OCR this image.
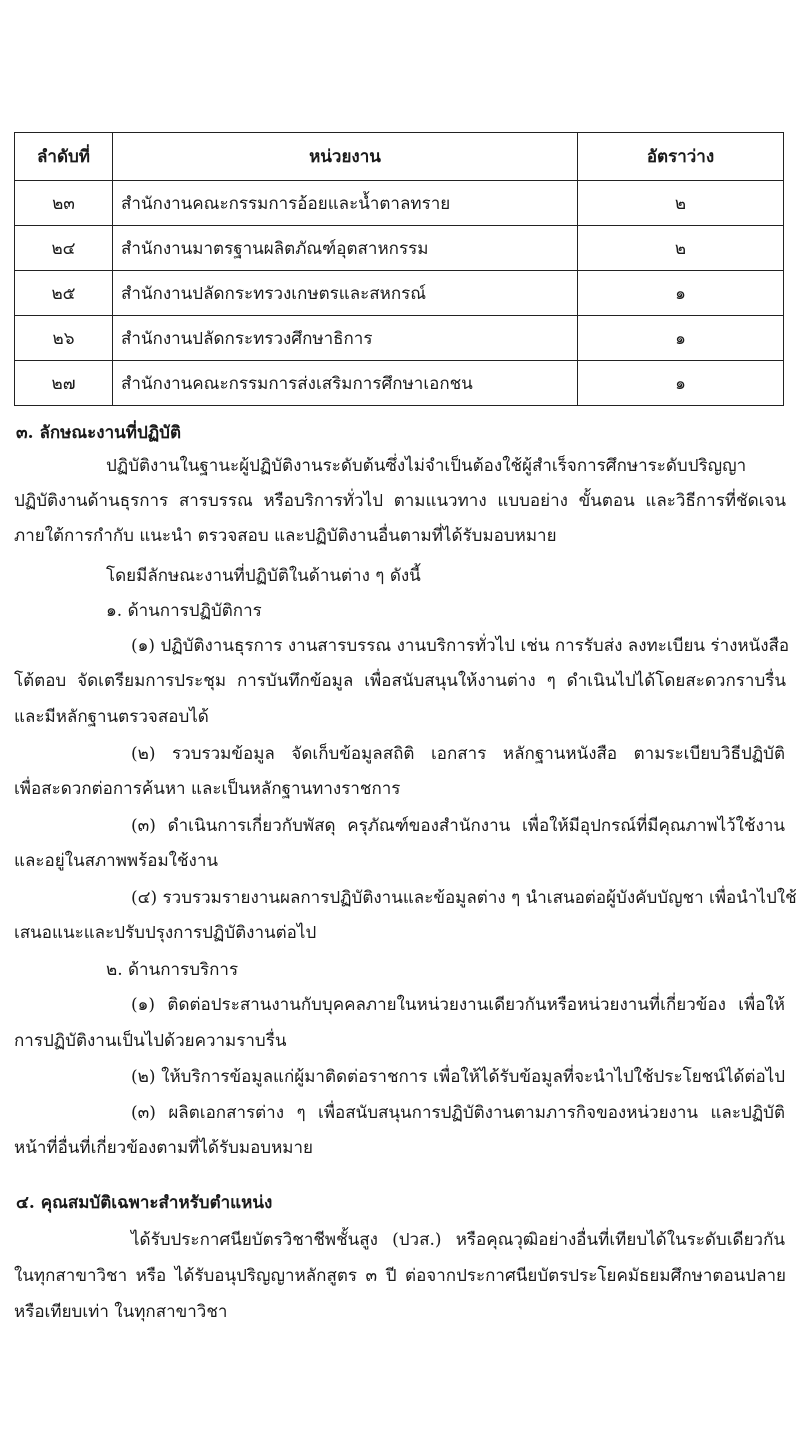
ลำดับที่	หน่วยงาน	อัตราว่าง
๒๓	สำนักงานคณะกรรมการอ้อยและน้ำตาลทราย	๒
๒๔	สำนักงานมาตรฐานผลิตภัณฑ์อุตสาหกรรม	๒
๒๕	สำนักงานปลัดกระทรวงเกษตรและสหกรณ์	๑
๒๖	สำนักงานปลัดกระทรวงศึกษาธิการ	๑
๒๗	สำนักงานคณะกรรมการส่งเสริมการศึกษาเอกชน	๑
๓. ลักษณะงานที่ปฏิบัติ
ปฏิบัติงานในฐานะผู้ปฏิบัติงานระดับต้นซึ่งไม่จำเป็นต้องใช้ผู้สำเร็จการศึกษาระดับปริญญา
ปฏิบัติงานด้านธุรการ สารบรรณ หรือบริการทั่วไป ตามแนวทาง แบบอย่าง ขั้นตอน และวิธีการที่ชัดเจน
ภายใต้การกำกับ แนะนำ ตรวจสอบ และปฏิบัติงานอื่นตามที่ได้รับมอบหมาย
โดยมีลักษณะงานที่ปฏิบัติในด้านต่าง ๆ ดังนี้
๑. ด้านการปฏิบัติการ
(๑) ปฏิบัติงานธุรการ งานสารบรรณ งานบริการทั่วไป เช่น การรับส่ง ลงทะเบียน ร่างหนังสือ
โต้ตอบ จัดเตรียมการประชุม การบันทึกข้อมูล เพื่อสนับสนุนให้งานต่าง ๆ ดำเนินไปได้โดยสะดวกราบรื่น
และมีหลักฐานตรวจสอบได้
(๒) รวบรวมข้อมูล จัดเก็บข้อมูลสถิติ เอกสาร หลักฐานหนังสือ ตามระเบียบวิธีปฏิบัติ
เพื่อสะดวกต่อการค้นหา และเป็นหลักฐานทางราชการ
(๓) ดำเนินการเกี่ยวกับพัสดุ ครุภัณฑ์ของสำนักงาน เพื่อให้มีอุปกรณ์ที่มีคุณภาพไว้ใช้งาน
และอยู่ในสภาพพร้อมใช้งาน
(๔) รวบรวมรายงานผลการปฏิบัติงานและข้อมูลต่าง ๆ นำเสนอต่อผู้บังคับบัญชา เพื่อนำไปใช้
เสนอแนะและปรับปรุงการปฏิบัติงานต่อไป
๒. ด้านการบริการ
(๑) ติดต่อประสานงานกับบุคคลภายในหน่วยงานเดียวกันหรือหน่วยงานที่เกี่ยวข้อง เพื่อให้
การปฏิบัติงานเป็นไปด้วยความราบรื่น
(๒) ให้บริการข้อมูลแก่ผู้มาติดต่อราชการ เพื่อให้ได้รับข้อมูลที่จะนำไปใช้ประโยชน์ได้ต่อไป
(๓) ผลิตเอกสารต่าง ๆ เพื่อสนับสนุนการปฏิบัติงานตามภารกิจของหน่วยงาน และปฏิบัติ
หน้าที่อื่นที่เกี่ยวข้องตามที่ได้รับมอบหมาย
๔. คุณสมบัติเฉพาะสำหรับตำแหน่ง
ได้รับประกาศนียบัตรวิชาชีพชั้นสูง (ปวส.) หรือคุณวุฒิอย่างอื่นที่เทียบได้ในระดับเดียวกัน
ในทุกสาขาวิชา หรือ ได้รับอนุปริญญาหลักสูตร ๓ ปี ต่อจากประกาศนียบัตรประโยคมัธยมศึกษาตอนปลาย
หรือเทียบเท่า ในทุกสาขาวิชา
